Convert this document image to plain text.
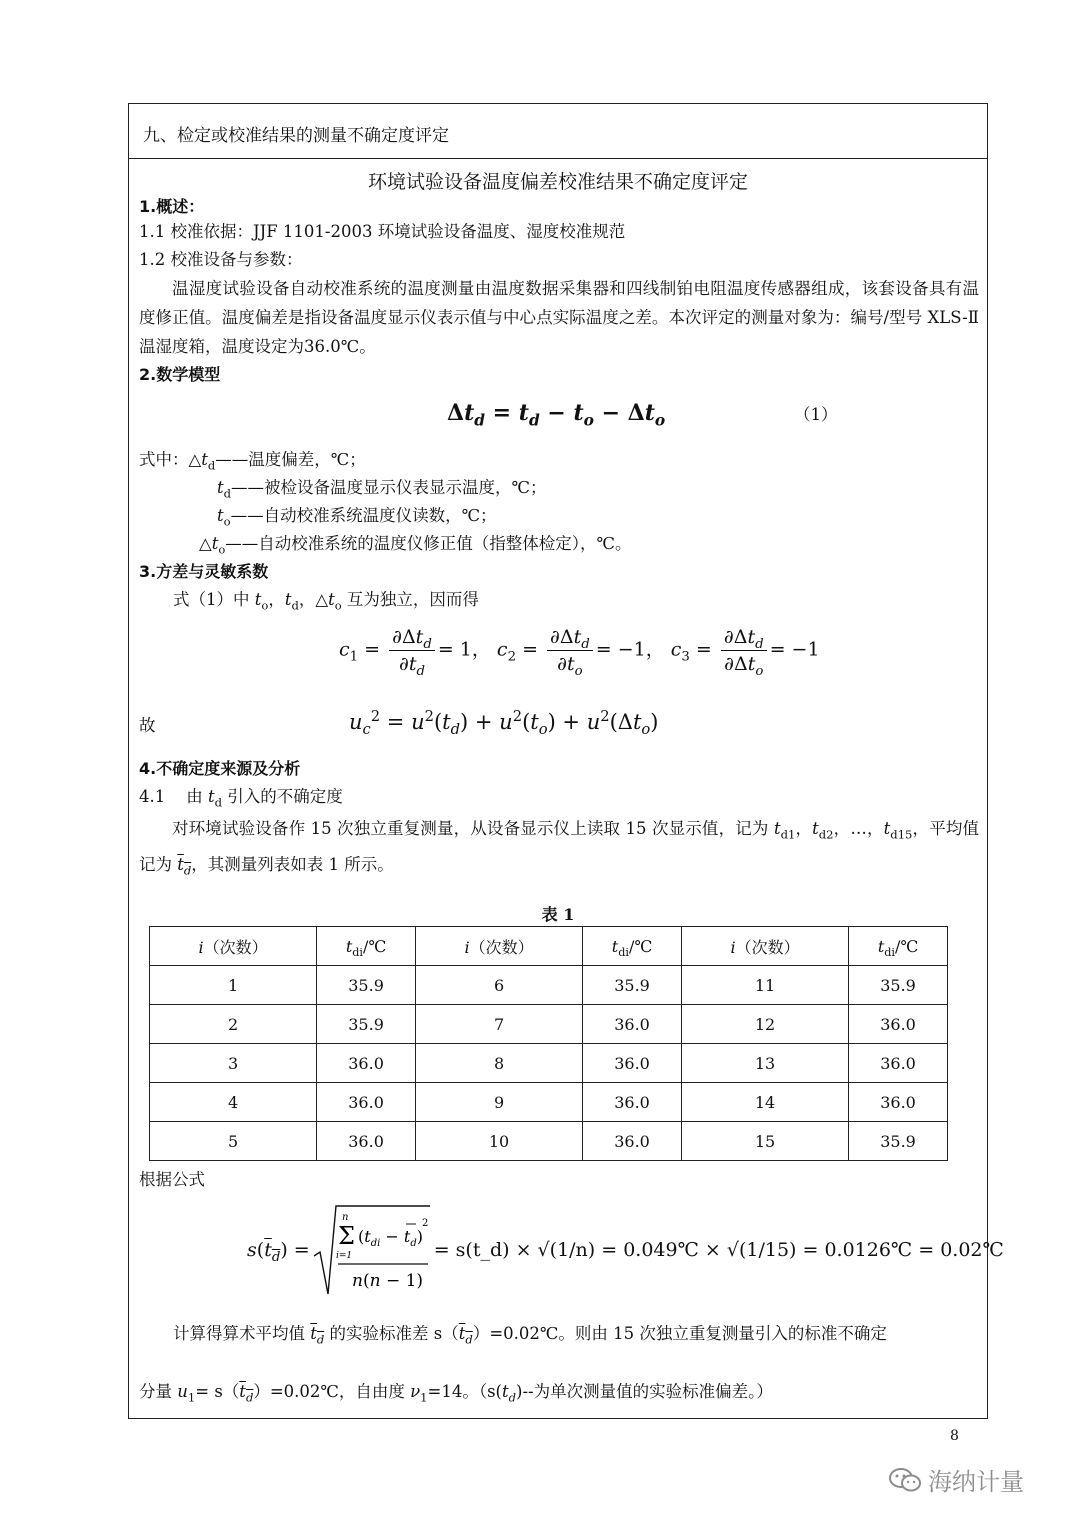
九、检定或校准结果的测量不确定度评定
环境试验设备温度偏差校准结果不确定度评定
1.概述：
1.1 校准依据：JJF 1101-2003 环境试验设备温度、湿度校准规范
1.2 校准设备与参数：
温湿度试验设备自动校准系统的温度测量由温度数据采集器和四线制铂电阻温度传感器组成，该套设备具有温度修正值。温度偏差是指设备温度显示仪表示值与中心点实际温度之差。本次评定的测量对象为：编号/型号 XLS-Ⅱ温湿度箱，温度设定为36.0℃。
2.数学模型
$\Delta t_d = t_d - t_o - \Delta t_o$	（1）
式中：$\triangle t_d——$温度偏差，℃；
$t_d——$被检设备温度显示仪表显示温度，℃；
$t_o——$自动校准系统温度仪读数，℃；
$\triangle t_o——$自动校准系统的温度仪修正值（指整体检定），℃。
3.方差与灵敏系数
式（1）中 $t_o$，$t_d$，$\triangle t_o$ 互为独立，因而得
$c_1 = \frac{\partial\Delta t_d}{\partial t_d} = 1$， $c_2 = \frac{\partial\Delta t_d}{\partial t_o} = -1$， $c_3 = \frac{\partial\Delta t_d}{\partial\Delta t_o} = -1$
故	$u_c^2 = u^2(t_d) + u^2(t_o) + u^2(\Delta t_o)$
4.不确定度来源及分析
4.1    由 $t_d$ 引入的不确定度
对环境试验设备作 15 次独立重复测量，从设备显示仪上读取 15 次显示值，记为 $t_{d1}$，$t_{d2}$，…，$t_{d15}$，平均值记为 $t_d$，其测量列表如表 1 所示。
表 1
i（次数）	$t_{di}/℃$	i（次数）	$t_{di}/℃$	i（次数）	$t_{di}/℃$
1	35.9	6	35.9	11	35.9
2	35.9	7	36.0	12	36.0
3	36.0	8	36.0	13	36.0
4	36.0	9	36.0	14	36.0
5	36.0	10	36.0	15	35.9
根据公式
$s(t_d)$ =
n
Σ
i=1
$(t_{di} - t_d)$
2
n(n − 1)
= s(t_d) × √(1/n) = 0.049℃ × √(1/15) = 0.0126℃ = 0.02℃
计算得算术平均值 $t_d$ 的实验标准差 $s(t_d)=0.02℃$。则由 15 次独立重复测量引入的标准不确定
分量 $u_1=$ $s(t_d)=0.02℃$，自由度 $\nu_1=14$。（$s(t_d)--$为单次测量值的实验标准偏差。）
8
海纳计量
